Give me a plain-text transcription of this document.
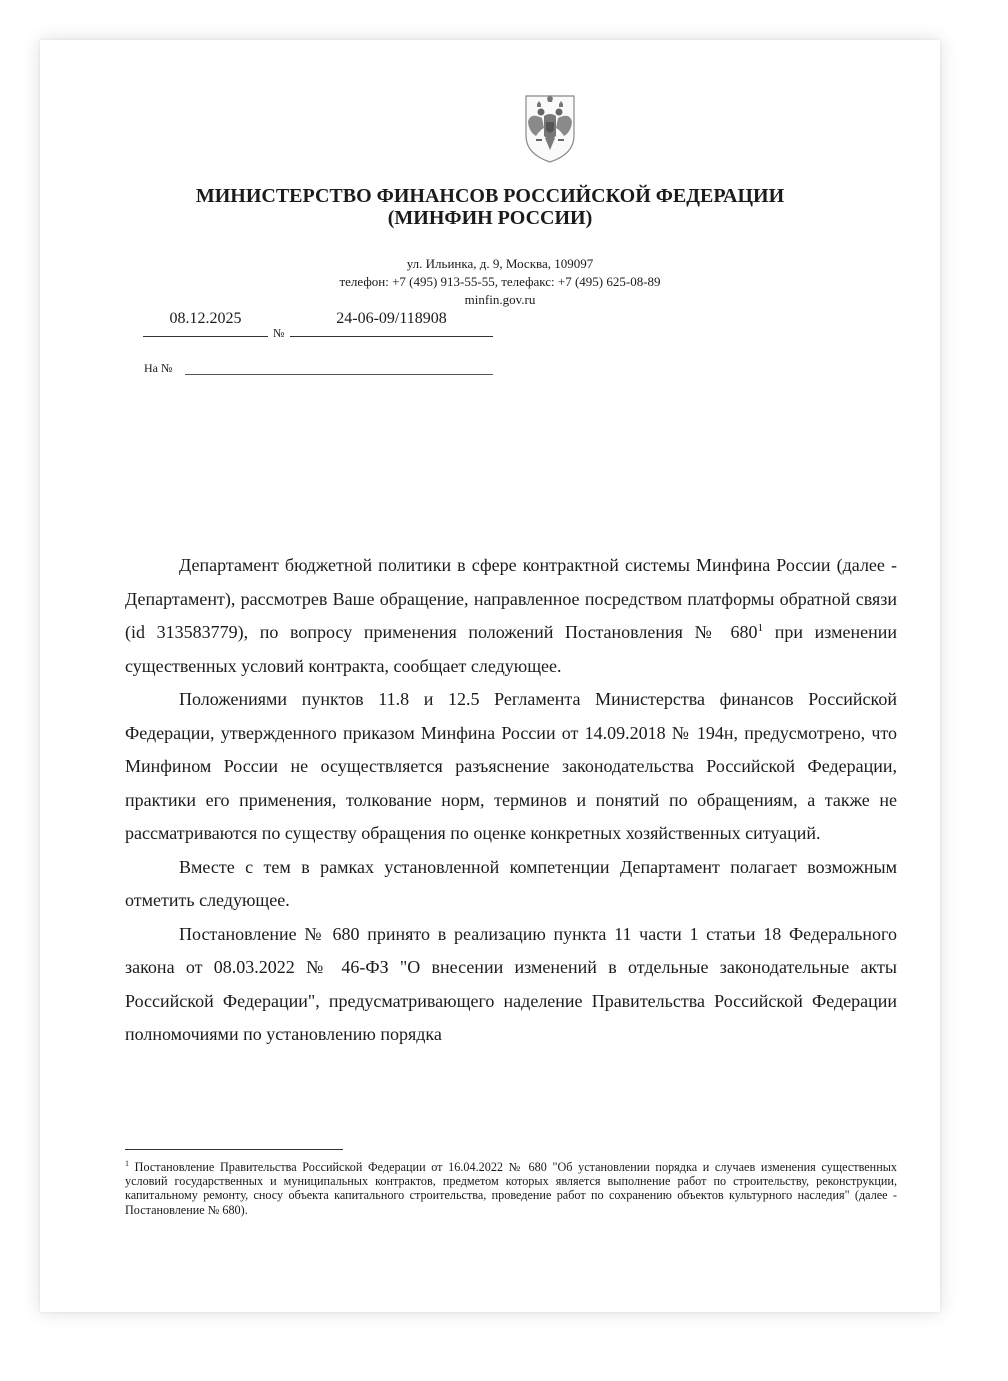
МИНИСТЕРСТВО ФИНАНСОВ РОССИЙСКОЙ ФЕДЕРАЦИИ
(МИНФИН РОССИИ)
ул. Ильинка, д. 9, Москва, 109097
телефон: +7 (495) 913-55-55, телефакс: +7 (495) 625-08-89
minfin.gov.ru
08.12.2025
№
24-06-09/118908
На №

Департамент бюджетной политики в сфере контрактной системы Минфина России (далее - Департамент), рассмотрев Ваше обращение, направленное посредством платформы обратной связи (id 313583779), по вопросу применения положений Постановления № $680^1$ при изменении существенных условий контракта, сообщает следующее.

Положениями пунктов 11.8 и 12.5 Регламента Министерства финансов Российской Федерации, утвержденного приказом Минфина России от 14.09.2018 № 194н, предусмотрено, что Минфином России не осуществляется разъяснение законодательства Российской Федерации, практики его применения, толкование норм, терминов и понятий по обращениям, а также не рассматриваются по существу обращения по оценке конкретных хозяйственных ситуаций.

Вместе с тем в рамках установленной компетенции Департамент полагает возможным отметить следующее.

Постановление № 680 принято в реализацию пункта 11 части 1 статьи 18 Федерального закона от 08.03.2022 № 46-ФЗ "О внесении изменений в отдельные законодательные акты Российской Федерации", предусматривающего наделение Правительства Российской Федерации полномочиями по установлению порядка

$^1$ Постановление Правительства Российской Федерации от 16.04.2022 № 680 "Об установлении порядка и случаев изменения существенных условий государственных и муниципальных контрактов, предметом которых является выполнение работ по строительству, реконструкции, капитальному ремонту, сносу объекта капитального строительства, проведение работ по сохранению объектов культурного наследия" (далее - Постановление № 680).
